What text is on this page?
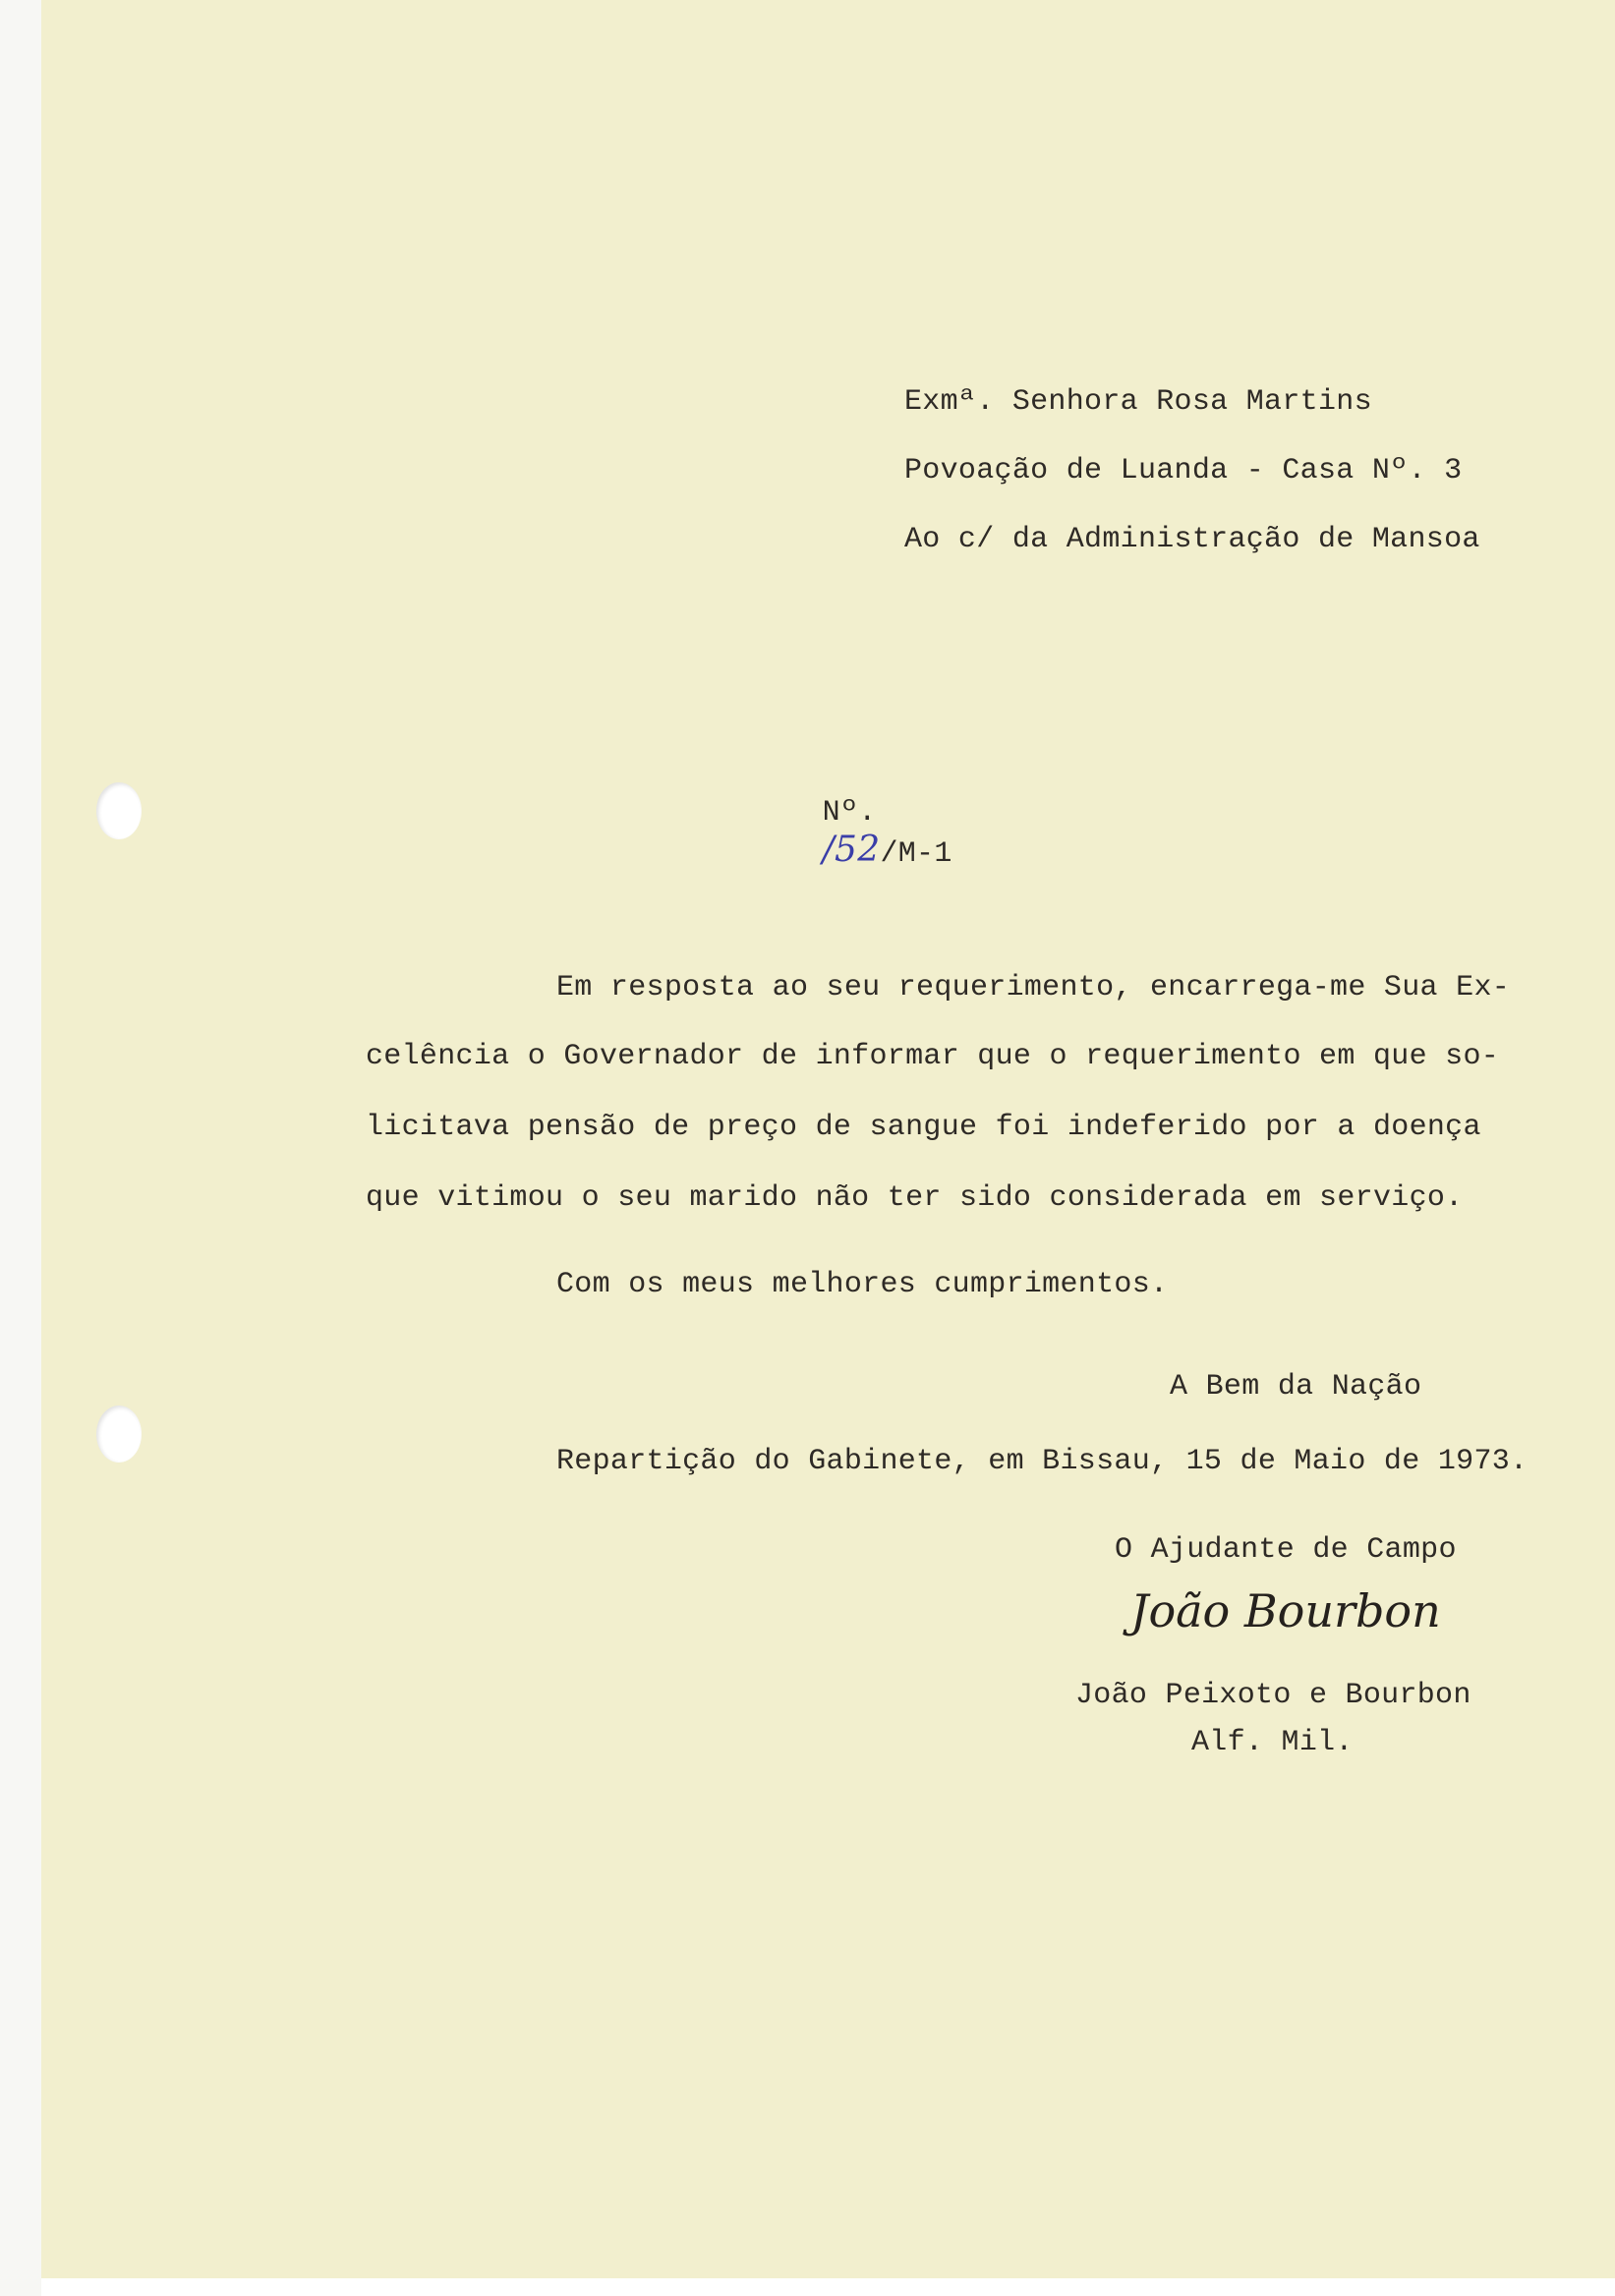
Exmª. Senhora Rosa Martins
Povoação de Luanda - Casa Nº. 3
Ao c/ da Administração de Mansoa

Nº.
/52/M-1

Em resposta ao seu requerimento, encarrega-me Sua Ex-
celência o Governador de informar que o requerimento em que so-
licitava pensão de preço de sangue foi indeferido por a doença
que vitimou o seu marido não ter sido considerada em serviço.
Com os meus melhores cumprimentos.
A Bem da Nação
Repartição do Gabinete, em Bissau, 15 de Maio de 1973.
O Ajudante de Campo
João Bourbon
João Peixoto e Bourbon
Alf. Mil.
